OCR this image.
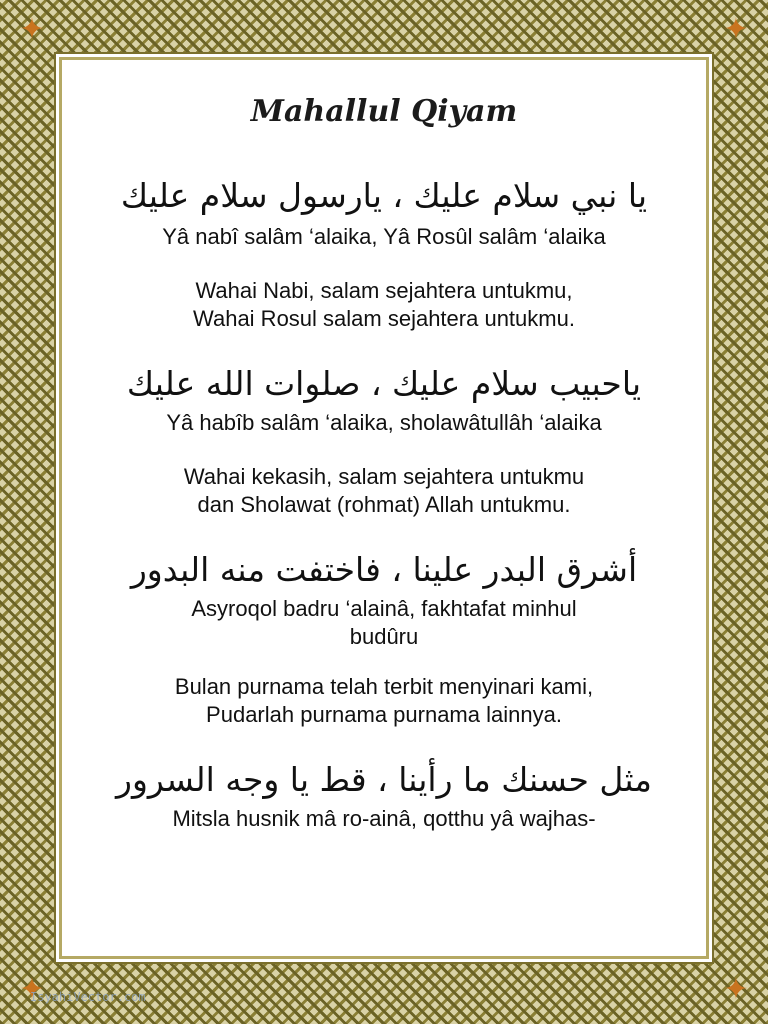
✦	✦
✦	✦
Mahallul Qiyam
يا نبي سلام عليك ، يارسول سلام عليك
Yâ nabî salâm ‘alaika, Yâ Rosûl salâm ‘alaika
Wahai Nabi, salam sejahtera untukmu,
Wahai Rosul salam sejahtera untukmu.
ياحبيب سلام عليك ، صلوات الله عليك
Yâ habîb salâm ‘alaika, sholawâtullâh ‘alaika
Wahai kekasih, salam sejahtera untukmu
dan Sholawat (rohmat) Allah untukmu.
أشرق البدر علينا ، فاختفت منه البدور
Asyroqol badru ‘alainâ, fakhtafat minhul
budûru
Bulan purnama telah terbit menyinari kami,
Pudarlah purnama purnama lainnya.
مثل حسنك ما رأينا ، قط يا وجه السرور
Mitsla husnik mâ ro-ainâ, qotthu yâ wajhas-
IsyahiVector.com
